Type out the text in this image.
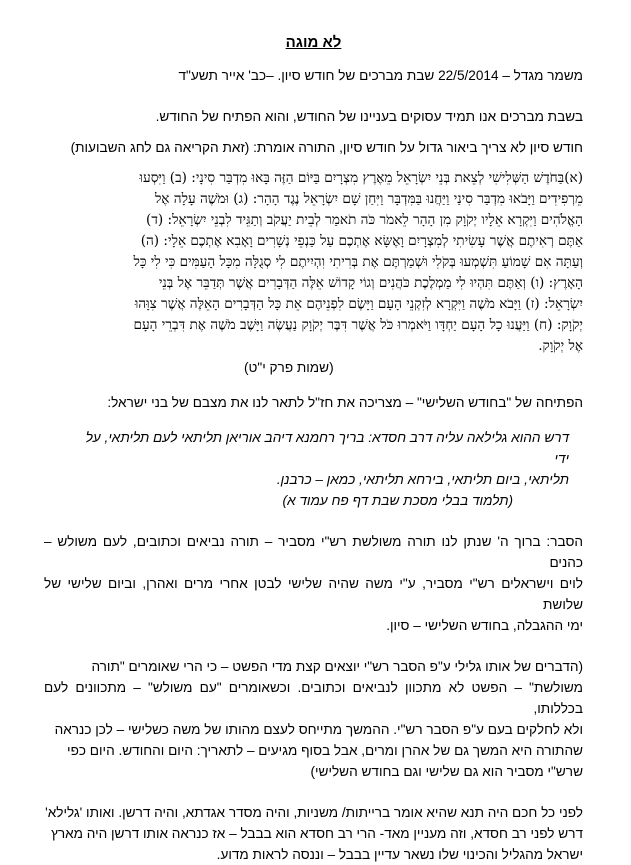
לא מוגה

משמר מגדל – 22/5/2014 שבת מברכים של חודש סיון. –כב' אייר תשע"ד

בשבת מברכים אנו תמיד עסוקים בעניינו של החודש, והוא הפתיח של החודש.

חודש סיון לא צריך ביאור גדול על חודש סיון, התורה אומרת: (זאת הקריאה גם לחג השבועות)

(א)בַּחֹדֶשׁ הַשְּׁלִישִׁי לְצֵאת בְּנֵי יִשְׂרָאֵל מֵאֶרֶץ מִצְרָיִם בַּיּוֹם הַזֶּה בָּאוּ מִדְבַּר סִינָי: (ב) וַיִּסְעוּ
מֵרְפִידִים וַיָּבֹאוּ מִדְבַּר סִינַי וַיַּחֲנוּ בַּמִּדְבָּר וַיִּחַן שָׁם יִשְׂרָאֵל נֶגֶד הָהָר: (ג) וּמֹשֶׁה עָלָה אֶל
הָאֱלֹהִים וַיִּקְרָא אֵלָיו יְקֹוָק מִן הָהָר לֵאמֹר כֹּה תֹאמַר לְבֵית יַעֲקֹב וְתַגֵּיד לִבְנֵי יִשְׂרָאֵל: (ד)
אַתֶּם רְאִיתֶם אֲשֶׁר עָשִׂיתִי לְמִצְרָיִם וָאֶשָּׂא אֶתְכֶם עַל כַּנְפֵי נְשָׁרִים וָאָבִא אֶתְכֶם אֵלָי: (ה)
וְעַתָּה אִם שָׁמוֹעַ תִּשְׁמְעוּ בְּקֹלִי וּשְׁמַרְתֶּם אֶת בְּרִיתִי וִהְיִיתֶם לִי סְגֻלָּה מִכָּל הָעַמִּים כִּי לִי כָּל
הָאָרֶץ: (ו) וְאַתֶּם תִּהְיוּ לִי מַמְלֶכֶת כֹּהֲנִים וְגוֹי קָדוֹשׁ אֵלֶּה הַדְּבָרִים אֲשֶׁר תְּדַבֵּר אֶל בְּנֵי
יִשְׂרָאֵל: (ז) וַיָּבֹא מֹשֶׁה וַיִּקְרָא לְזִקְנֵי הָעָם וַיָּשֶׂם לִפְנֵיהֶם אֵת כָּל הַדְּבָרִים הָאֵלֶּה אֲשֶׁר צִוָּהוּ
יְקֹוָק: (ח) וַיַּעֲנוּ כָל הָעָם יַחְדָּו וַיֹּאמְרוּ כֹּל אֲשֶׁר דִּבֶּר יְקֹוָק נַעֲשֶׂה וַיָּשֶׁב מֹשֶׁה אֶת דִּבְרֵי הָעָם
אֶל יְקֹוָק.

(שמות פרק י"ט)

הפתיחה של "בחודש השלישי" – מצריכה את חז"ל לתאר לנו את מצבם של בני ישראל:

דרש ההוא גלילאה עליה דרב חסדא: בריך רחמנא דיהב אוריאן תליתאי לעם תליתאי, על ידי
תליתאי, ביום תליתאי, בירחא תליתאי, כמאן – כרבנן.

(תלמוד בבלי מסכת שבת דף פח עמוד א)

הסבר: ברוך ה' שנתן לנו תורה משולשת רש"י מסביר – תורה נביאים וכתובים, לעם משולש – כהנים
לוים וישראלים רש"י מסביר, ע"י משה שהיה שלישי לבטן אחרי מרים ואהרן, וביום שלישי של שלושת
ימי ההגבלה, בחודש השלישי – סיון.
(הדברים של אותו גלילי ע"פ הסבר רש"י יוצאים קצת מדי הפשט – כי הרי שאומרים "תורה
משולשת" – הפשט לא מתכוון לנביאים וכתובים. וכשאומרים "עם משולש" – מתכוונים לעם בכללותו,
ולא לחלקים בעם ע"פ הסבר רש"י. ההמשך מתייחס לעצם מהותו של משה כשלישי – לכן כנראה
שהתורה היא המשך גם של אהרן ומרים, אבל בסוף מגיעים – לתאריך: היום והחודש. היום כפי
שרש"י מסביר הוא גם שלישי וגם בחודש השלישי)
לפני כל חכם היה תנא שהיא אומר ברייתות/ משניות, והיה מסדר אגדתא, והיה דרשן. ואותו 'גלילא'
דרש לפני רב חסדא, וזה מעניין מאד- הרי רב חסדא הוא בבבל – אז כנראה אותו דרשן היה מארץ
ישראל מהגליל והכינוי שלו נשאר עדיין בבבל – וננסה לראות מדוע.
